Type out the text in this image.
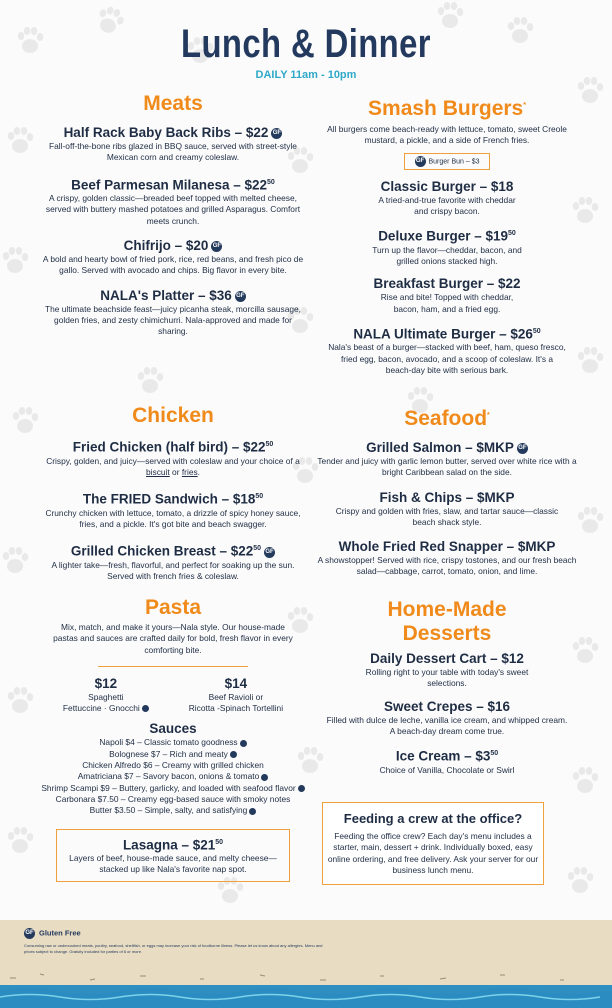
Lunch & Dinner
DAILY 11am - 10pm
Meats
Half Rack Baby Back Ribs – $22 GF
Fall-off-the-bone ribs glazed in BBQ sauce, served with street-style Mexican corn and creamy coleslaw.
Beef Parmesan Milanesa – $\$22^{50}$
A crispy, golden classic—breaded beef topped with melted cheese, served with buttery mashed potatoes and grilled Asparagus. Comfort meets crunch.
Chifrijo – $20 GF
A bold and hearty bowl of fried pork, rice, red beans, and fresh pico de gallo. Served with avocado and chips. Big flavor in every bite.
NALA's Platter – $36 GF
The ultimate beachside feast—juicy picanha steak, morcilla sausage, golden fries, and zesty chimichurri. Nala-approved and made for sharing.
Chicken
Fried Chicken (half bird) – $\$22^{50}$
Crispy, golden, and juicy—served with coleslaw and your choice of a biscuit or fries.
The FRIED Sandwich – $\$18^{50}$
Crunchy chicken with lettuce, tomato, a drizzle of spicy honey sauce, fries, and a pickle. It's got bite and beach swagger.
Grilled Chicken Breast – $\$22^{50}$ GF
A lighter take—fresh, flavorful, and perfect for soaking up the sun. Served with french fries & coleslaw.
Pasta
Mix, match, and make it yours—Nala style. Our house-made pastas and sauces are crafted daily for bold, fresh flavor in every comforting bite.
$12
Spaghetti
Fettuccine · Gnocchi
$14
Beef Ravioli or
Ricotta -Spinach Tortellini
Sauces
Napoli $4 – Classic tomato goodness
Bolognese $7 – Rich and meaty
Chicken Alfredo $6 – Creamy with grilled chicken
Amatriciana $7 – Savory bacon, onions & tomato
Shrimp Scampi $9 – Buttery, garlicky, and loaded with seafood flavor
Carbonara $7.50 – Creamy egg-based sauce with smoky notes
Butter $3.50 – Simple, salty, and satisfying
Lasagna – $\$21^{50}$
Layers of beef, house-made sauce, and melty cheese—stacked up like Nala's favorite nap spot.
Smash Burgers*
All burgers come beach-ready with lettuce, tomato, sweet Creole mustard, a pickle, and a side of French fries.
GF Burger Bun – $3
Classic Burger – $18
A tried-and-true favorite with cheddar and crispy bacon.
Deluxe Burger – $\$19^{50}$
Turn up the flavor—cheddar, bacon, and grilled onions stacked high.
Breakfast Burger – $22
Rise and bite! Topped with cheddar, bacon, ham, and a fried egg.
NALA Ultimate Burger – $\$26^{50}$
Nala's beast of a burger—stacked with beef, ham, queso fresco, fried egg, bacon, avocado, and a scoop of coleslaw. It's a beach-day bite with serious bark.
Seafood*
Grilled Salmon – $MKP GF
Tender and juicy with garlic lemon butter, served over white rice with a bright Caribbean salad on the side.
Fish & Chips – $MKP
Crispy and golden with fries, slaw, and tartar sauce—classic beach shack style.
Whole Fried Red Snapper – $MKP
A showstopper! Served with rice, crispy tostones, and our fresh beach salad—cabbage, carrot, tomato, onion, and lime.
Home-Made
Desserts
Daily Dessert Cart – $12
Rolling right to your table with today's sweet selections.
Sweet Crepes – $16
Filled with dulce de leche, vanilla ice cream, and whipped cream. A beach-day dream come true.
Ice Cream – $\$3^{50}$
Choice of Vanilla, Chocolate or Swirl
Feeding a crew at the office?
Feeding the office crew? Each day's menu includes a starter, main, dessert + drink. Individually boxed, easy online ordering, and free delivery. Ask your server for our business lunch menu.
GF Gluten Free
Consuming raw or undercooked meats, poultry, seafood, shellfish, or eggs may increase your risk of foodborne illness. Please let us know about any allergies. Menu and prices subject to change. Gratuity included for parties of 6 or more.
